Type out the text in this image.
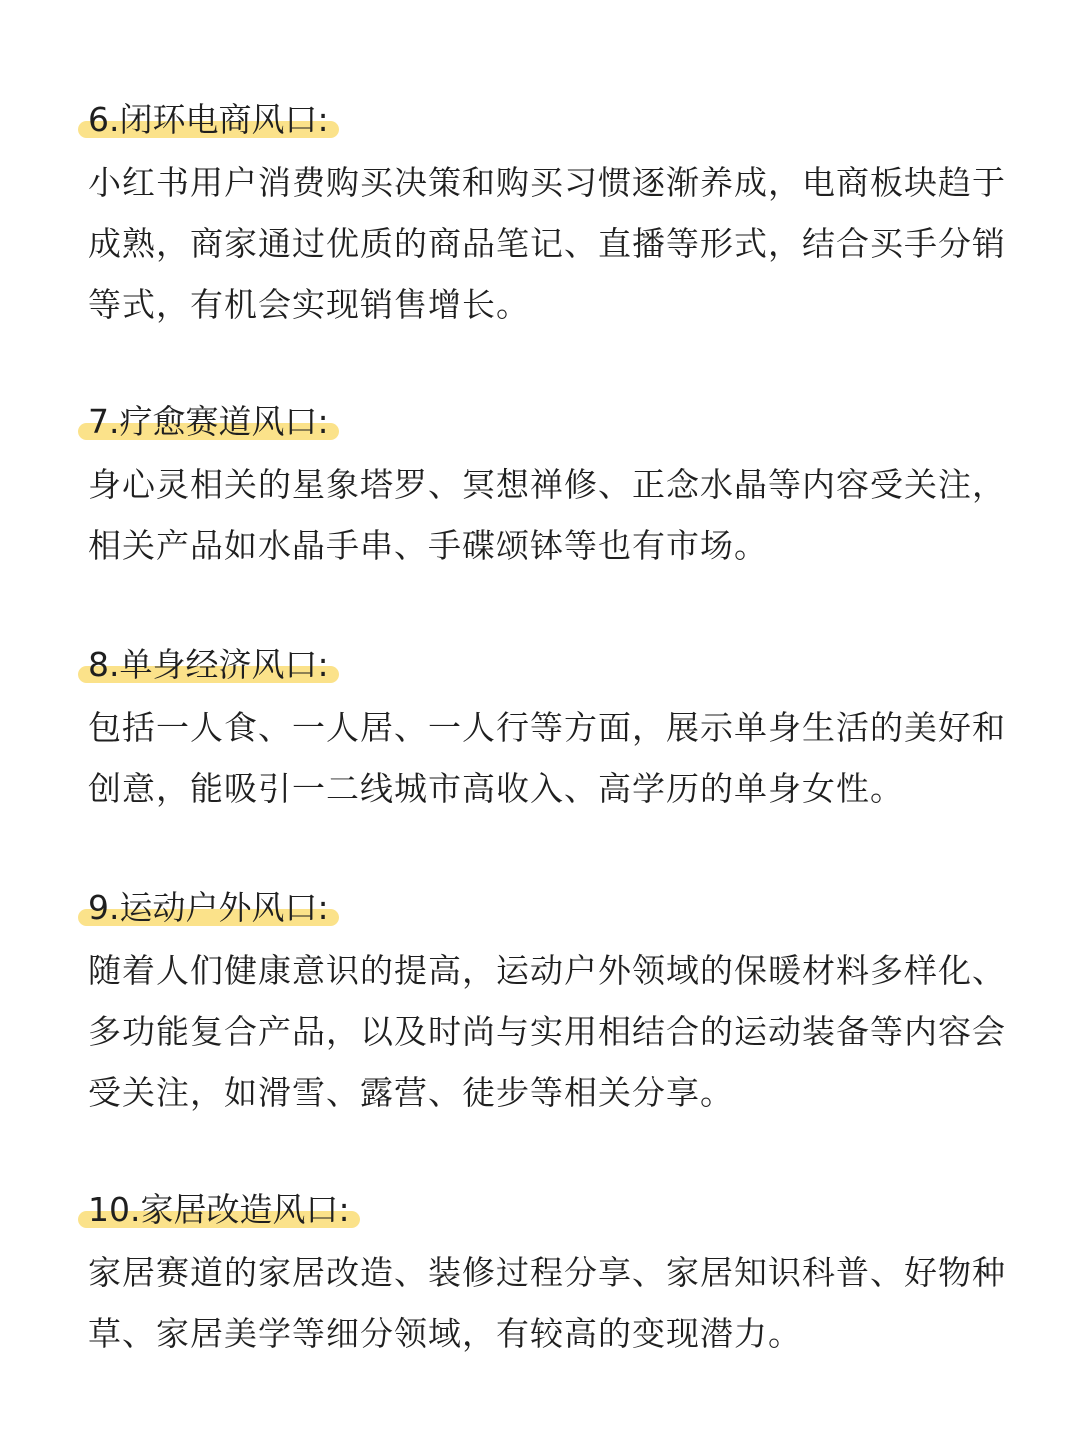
6.闭环电商风口:

小红书用户消费购买决策和购买习惯逐渐养成，电商板块趋于成熟，商家通过优质的商品笔记、直播等形式，结合买手分销等式，有机会实现销售增长。

7.疗愈赛道风口:

身心灵相关的星象塔罗、冥想禅修、正念水晶等内容受关注，相关产品如水晶手串、手碟颂钵等也有市场。

8.单身经济风口:

包括一人食、一人居、一人行等方面，展示单身生活的美好和创意，能吸引一二线城市高收入、高学历的单身女性。

9.运动户外风口:

随着人们健康意识的提高，运动户外领域的保暖材料多样化、多功能复合产品，以及时尚与实用相结合的运动装备等内容会受关注，如滑雪、露营、徒步等相关分享。

10.家居改造风口:

家居赛道的家居改造、装修过程分享、家居知识科普、好物种草、家居美学等细分领域，有较高的变现潜力。
